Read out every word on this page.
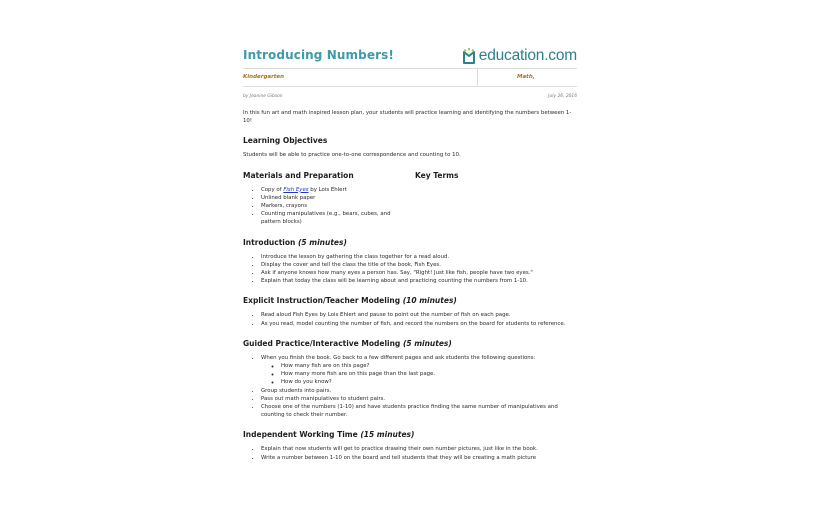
Introducing Numbers!	education.com
Kindergarten	Math,
by Jeanine Gibson	July 26, 2016

In this fun art and math inspired lesson plan, your students will practice learning and identifying the numbers between 1-10!

Learning Objectives

Students will be able to practice one-to-one correspondence and counting to 10.

Materials and Preparation	Key Terms
• Copy of Fish Eyes by Lois Ehlert
• Unlined blank paper
• Markers, crayons
• Counting manipulatives (e.g., bears, cubes, and pattern blocks)
Introduction (5 minutes)
• Introduce the lesson by gathering the class together for a read aloud.
• Display the cover and tell the class the title of the book, Fish Eyes.
• Ask if anyone knows how many eyes a person has. Say, "Right! Just like fish, people have two eyes."
• Explain that today the class will be learning about and practicing counting the numbers from 1-10.
Explicit Instruction/Teacher Modeling (10 minutes)
• Read aloud Fish Eyes by Lois Ehlert and pause to point out the number of fish on each page.
• As you read, model counting the number of fish, and record the numbers on the board for students to reference.
Guided Practice/Interactive Modeling (5 minutes)
• When you finish the book. Go back to a few different pages and ask students the following questions:
◦ How many fish are on this page?
◦ How many more fish are on this page than the last page.
◦ How do you know?
• Group students into pairs.
• Pass out math manipulatives to student pairs.
• Choose one of the numbers (1-10) and have students practice finding the same number of manipulatives and counting to check their number.
Independent Working Time (15 minutes)
• Explain that now students will get to practice drawing their own number pictures, just like in the book.
• Write a number between 1-10 on the board and tell students that they will be creating a math picture
